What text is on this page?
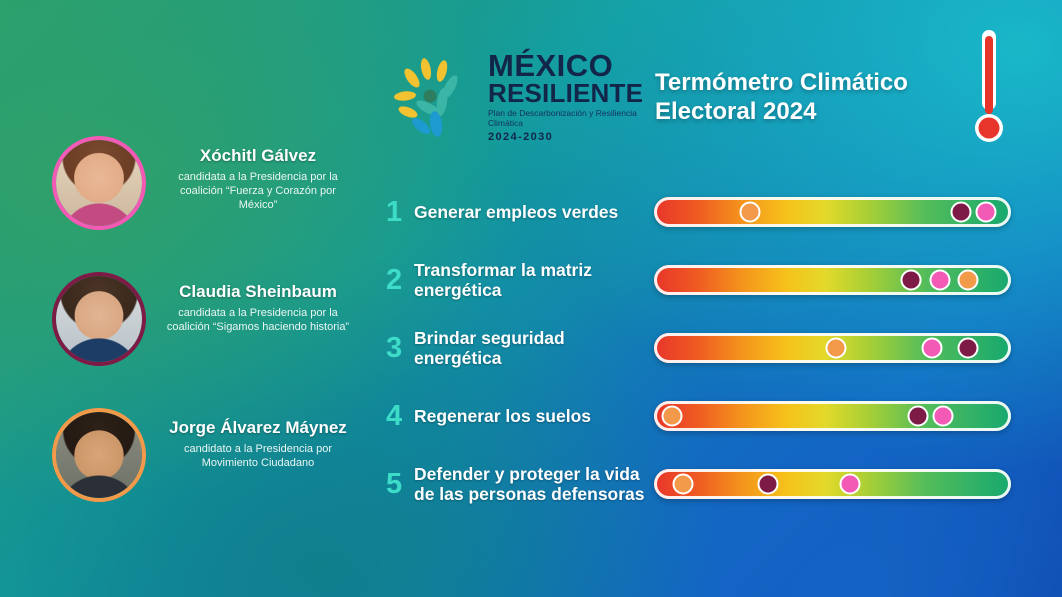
Xóchitl Gálvez
candidata a la Presidencia por la coalición “Fuerza y Corazón por México”
Claudia Sheinbaum
candidata a la Presidencia por la coalición “Sigamos haciendo historia”
Jorge Álvarez Máynez
candidato a la Presidencia por Movimiento Ciudadano
MÉXICO
RESILIENTE
Plan de Descarbonización y Resiliencia Climática
2024-2030
Termómetro Climático Electoral 2024
1 Generar empleos verdes
2 Transformar la matriz energética
3 Brindar seguridad energética
4 Regenerar los suelos
5 Defender y proteger la vida de las personas defensoras
